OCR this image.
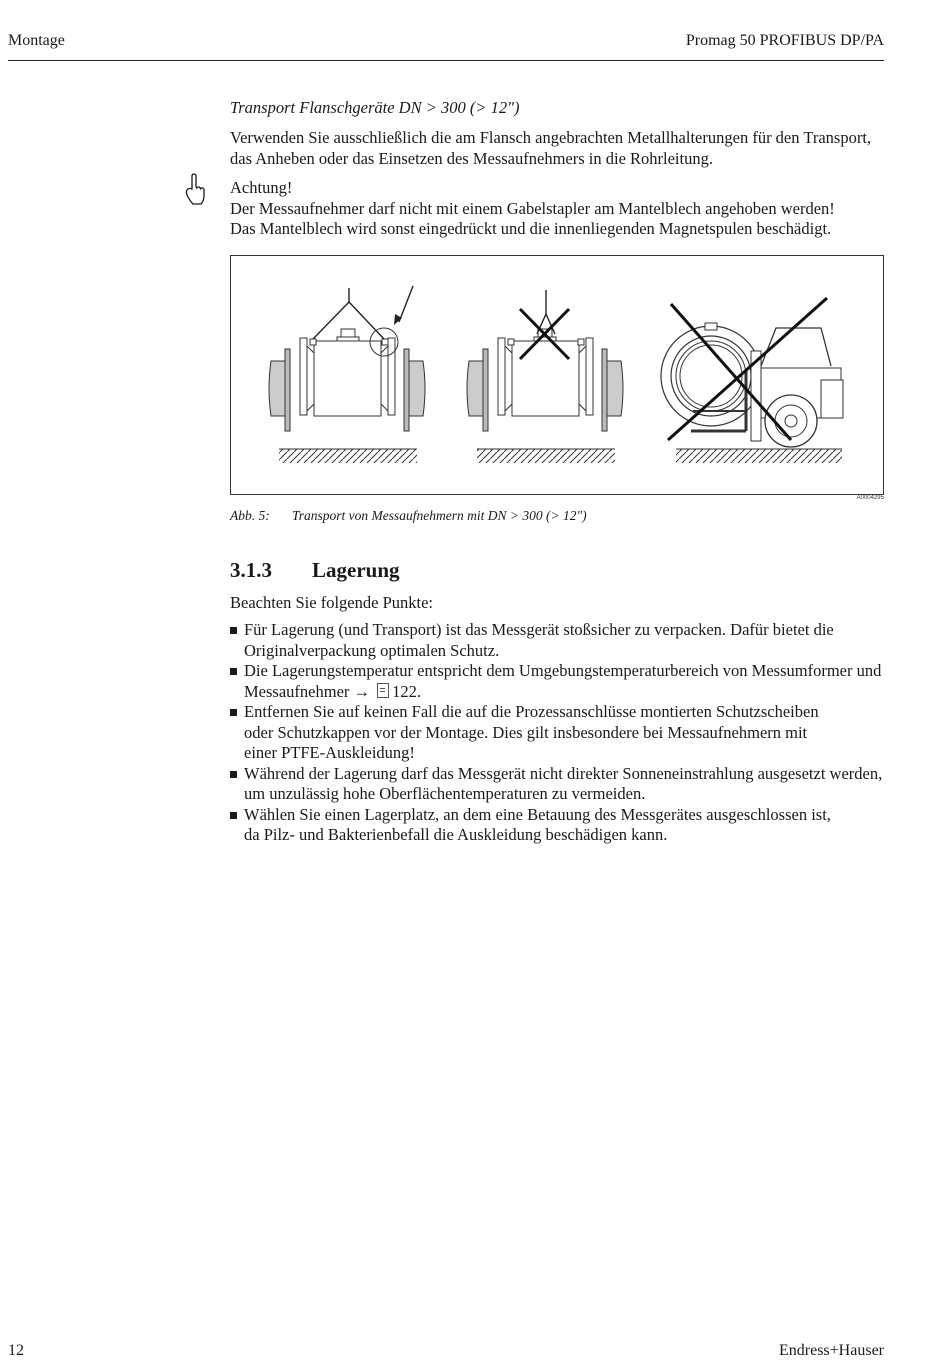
Montage	Promag 50 PROFIBUS DP/PA
Transport Flanschgeräte DN > 300 (> 12")
Verwenden Sie ausschließlich die am Flansch angebrachten Metallhalterungen für den Transport,
das Anheben oder das Einsetzen des Messaufnehmers in die Rohrleitung.
Achtung!
Der Messaufnehmer darf nicht mit einem Gabelstapler am Mantelblech angehoben werden!
Das Mantelblech wird sonst eingedrückt und die innenliegenden Magnetspulen beschädigt.
A0004295
Abb. 5: Transport von Messaufnehmern mit DN > 300 (> 12")
3.1.3 Lagerung
Beachten Sie folgende Punkte:
Für Lagerung (und Transport) ist das Messgerät stoßsicher zu verpacken. Dafür bietet die
Originalverpackung optimalen Schutz.
Die Lagerungstemperatur entspricht dem Umgebungstemperaturbereich von Messumformer und
Messaufnehmer → 122.
Entfernen Sie auf keinen Fall die auf die Prozessanschlüsse montierten Schutzscheiben
oder Schutzkappen vor der Montage. Dies gilt insbesondere bei Messaufnehmern mit
einer PTFE-Auskleidung!
Während der Lagerung darf das Messgerät nicht direkter Sonneneinstrahlung ausgesetzt werden,
um unzulässig hohe Oberflächentemperaturen zu vermeiden.
Wählen Sie einen Lagerplatz, an dem eine Betauung des Messgerätes ausgeschlossen ist,
da Pilz- und Bakterienbefall die Auskleidung beschädigen kann.
12	Endress+Hauser
